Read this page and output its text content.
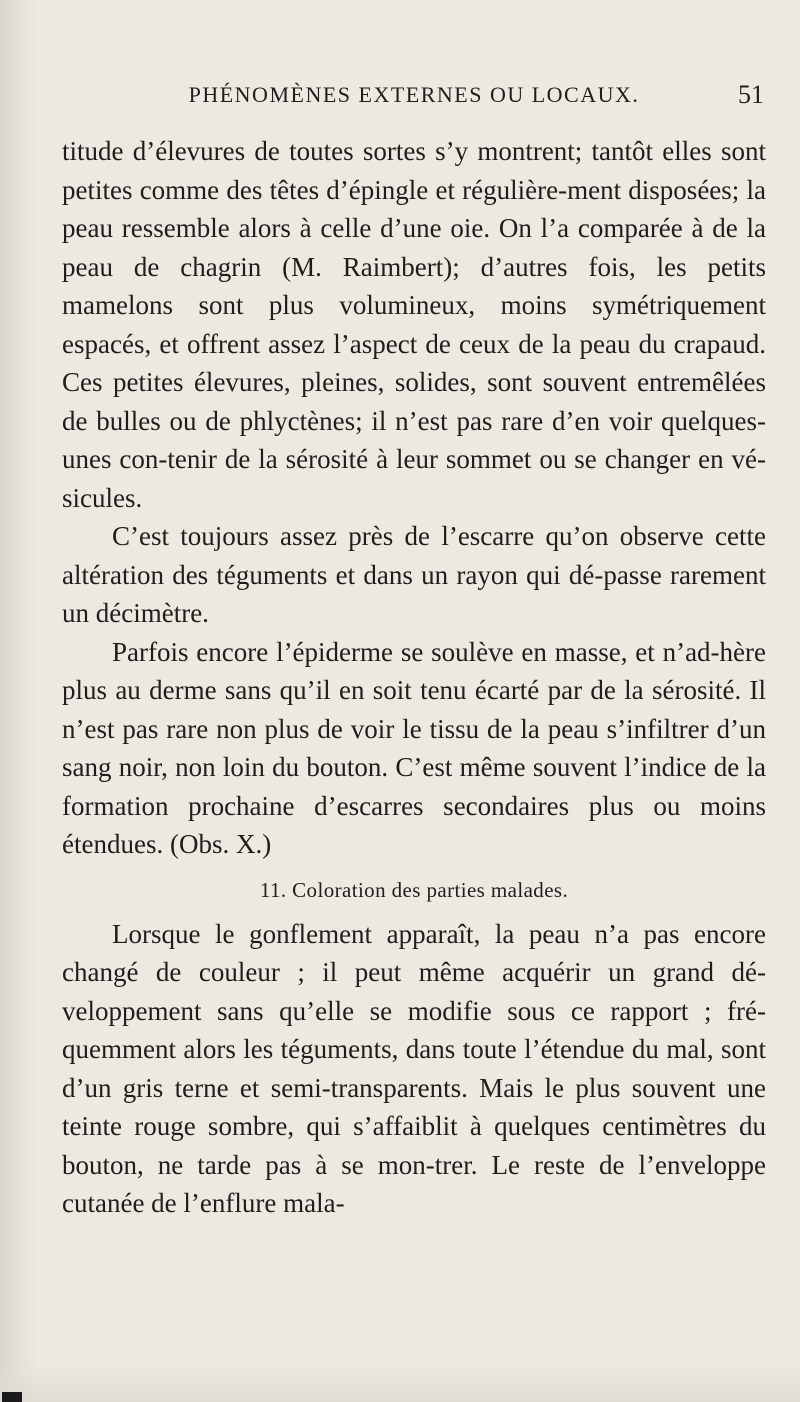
PHÉNOMÈNES EXTERNES OU LOCAUX.	51

titude d’élevures de toutes sortes s’y montrent; tantôt elles sont petites comme des têtes d’épingle et régulière-ment disposées; la peau ressemble alors à celle d’une oie. On l’a comparée à de la peau de chagrin (M. Raimbert); d’autres fois, les petits mamelons sont plus volumineux, moins symétriquement espacés, et offrent assez l’aspect de ceux de la peau du crapaud. Ces petites élevures, pleines, solides, sont souvent entremêlées de bulles ou de phlyctènes; il n’est pas rare d’en voir quelques-unes con-tenir de la sérosité à leur sommet ou se changer en vé-sicules.

C’est toujours assez près de l’escarre qu’on observe cette altération des téguments et dans un rayon qui dé-passe rarement un décimètre.

Parfois encore l’épiderme se soulève en masse, et n’ad-hère plus au derme sans qu’il en soit tenu écarté par de la sérosité. Il n’est pas rare non plus de voir le tissu de la peau s’infiltrer d’un sang noir, non loin du bouton. C’est même souvent l’indice de la formation prochaine d’escarres secondaires plus ou moins étendues. (Obs. X.)

11. Coloration des parties malades.

Lorsque le gonflement apparaît, la peau n’a pas encore changé de couleur ; il peut même acquérir un grand dé-veloppement sans qu’elle se modifie sous ce rapport ; fré-quemment alors les téguments, dans toute l’étendue du mal, sont d’un gris terne et semi-transparents. Mais le plus souvent une teinte rouge sombre, qui s’affaiblit à quelques centimètres du bouton, ne tarde pas à se mon-trer. Le reste de l’enveloppe cutanée de l’enflure mala-
